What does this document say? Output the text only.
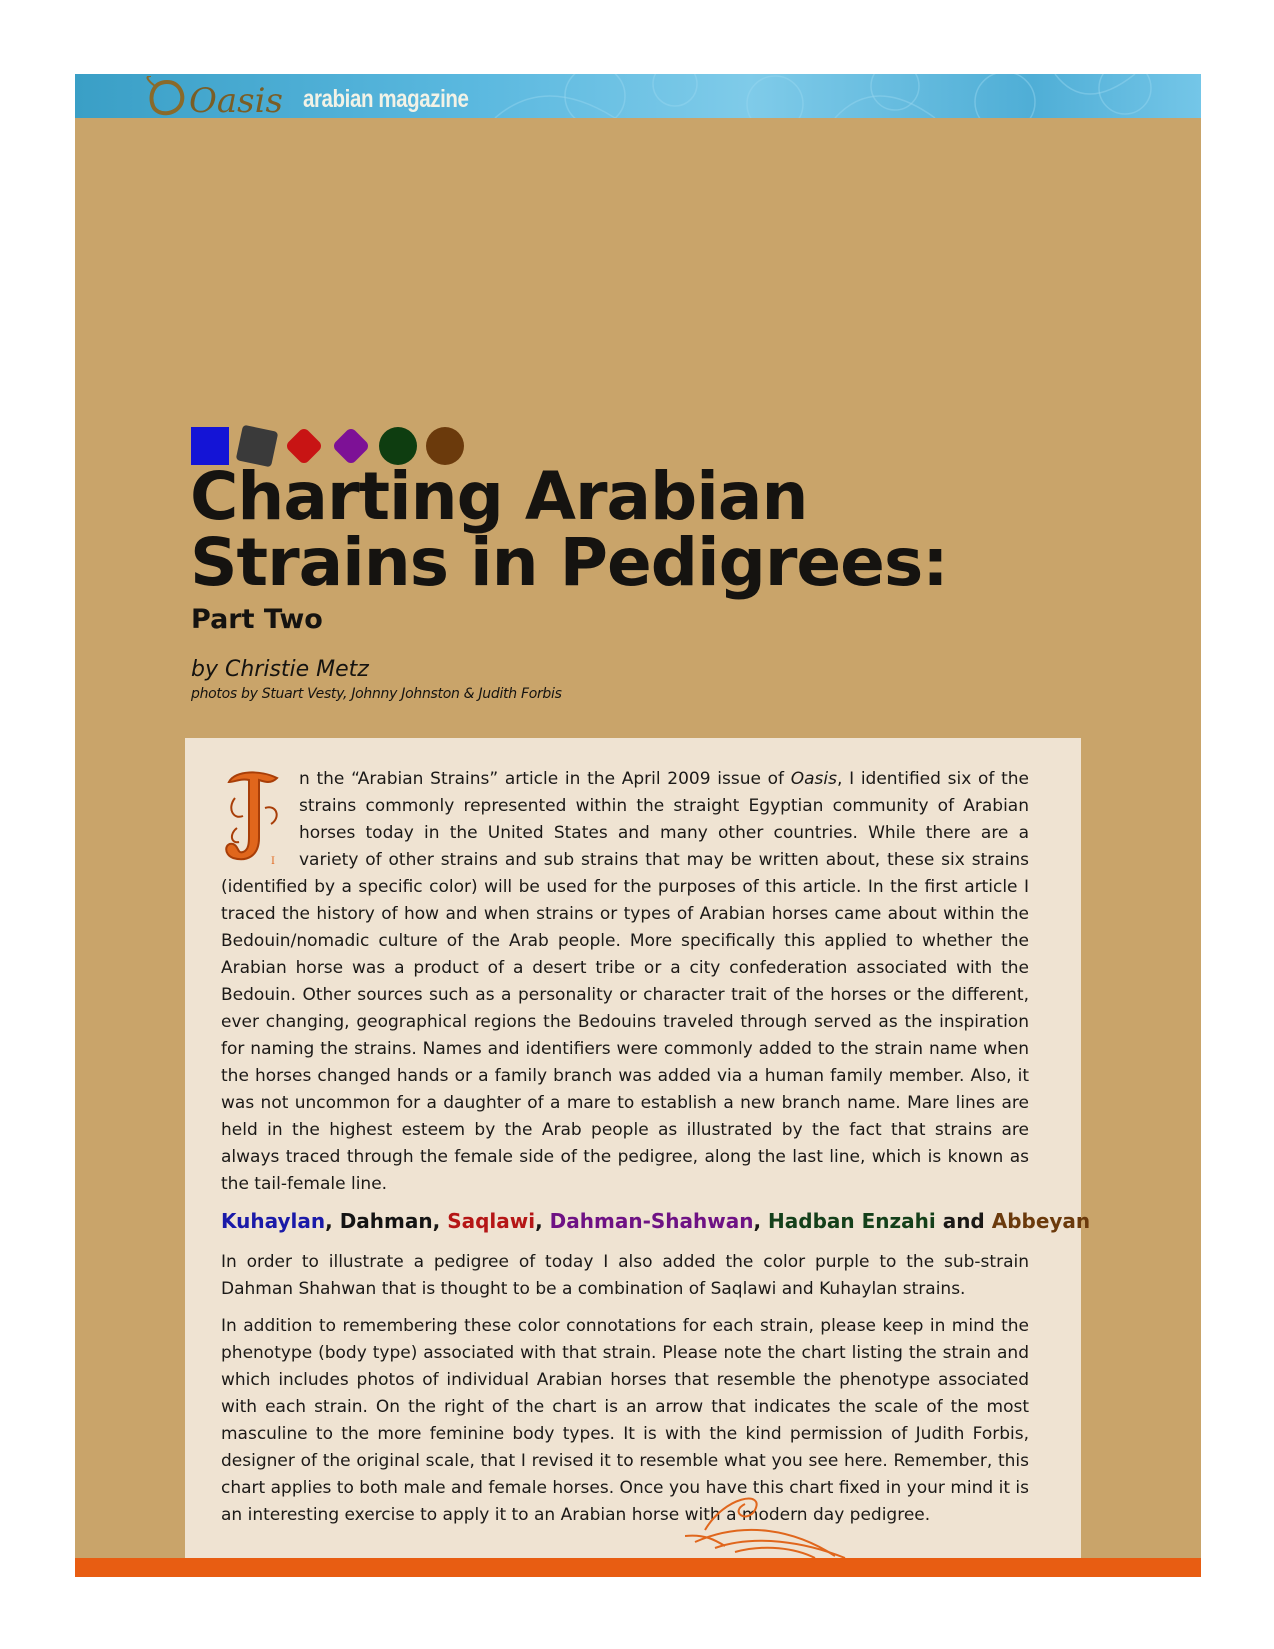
Oasis arabian magazine
Charting Arabian
Strains in Pedigrees:
Part Two
by Christie Metz
photos by Stuart Vesty, Johnny Johnston & Judith Forbis

I
n the “Arabian Strains” article in the April 2009 issue of Oasis, I identified six of the strains commonly represented within the straight Egyptian community of Arabian horses today in the United States and many other countries. While there are a variety of other strains and sub strains that may be written about, these six strains (identified by a specific color) will be used for the purposes of this article. In the first article I traced the history of how and when strains or types of Arabian horses came about within the Bedouin/nomadic culture of the Arab people. More specifically this applied to whether the Arabian horse was a product of a desert tribe or a city confederation associated with the Bedouin. Other sources such as a personality or character trait of the horses or the different, ever changing, geographical regions the Bedouins traveled through served as the inspiration for naming the strains. Names and identifiers were commonly added to the strain name when the horses changed hands or a family branch was added via a human family member. Also, it was not uncommon for a daughter of a mare to establish a new branch name. Mare lines are held in the highest esteem by the Arab people as illustrated by the fact that strains are always traced through the female side of the pedigree, along the last line, which is known as the tail-female line.

Kuhaylan, Dahman, Saqlawi, Dahman-Shahwan, Hadban Enzahi and Abbeyan

In order to illustrate a pedigree of today I also added the color purple to the sub-strain Dahman Shahwan that is thought to be a combination of Saqlawi and Kuhaylan strains.

In addition to remembering these color connotations for each strain, please keep in mind the phenotype (body type) associated with that strain. Please note the chart listing the strain and which includes photos of individual Arabian horses that resemble the phenotype associated with each strain. On the right of the chart is an arrow that indicates the scale of the most masculine to the more feminine body types. It is with the kind permission of Judith Forbis, designer of the original scale, that I revised it to resemble what you see here. Remember, this chart applies to both male and female horses. Once you have this chart fixed in your mind it is an interesting exercise to apply it to an Arabian horse with a modern day pedigree.
